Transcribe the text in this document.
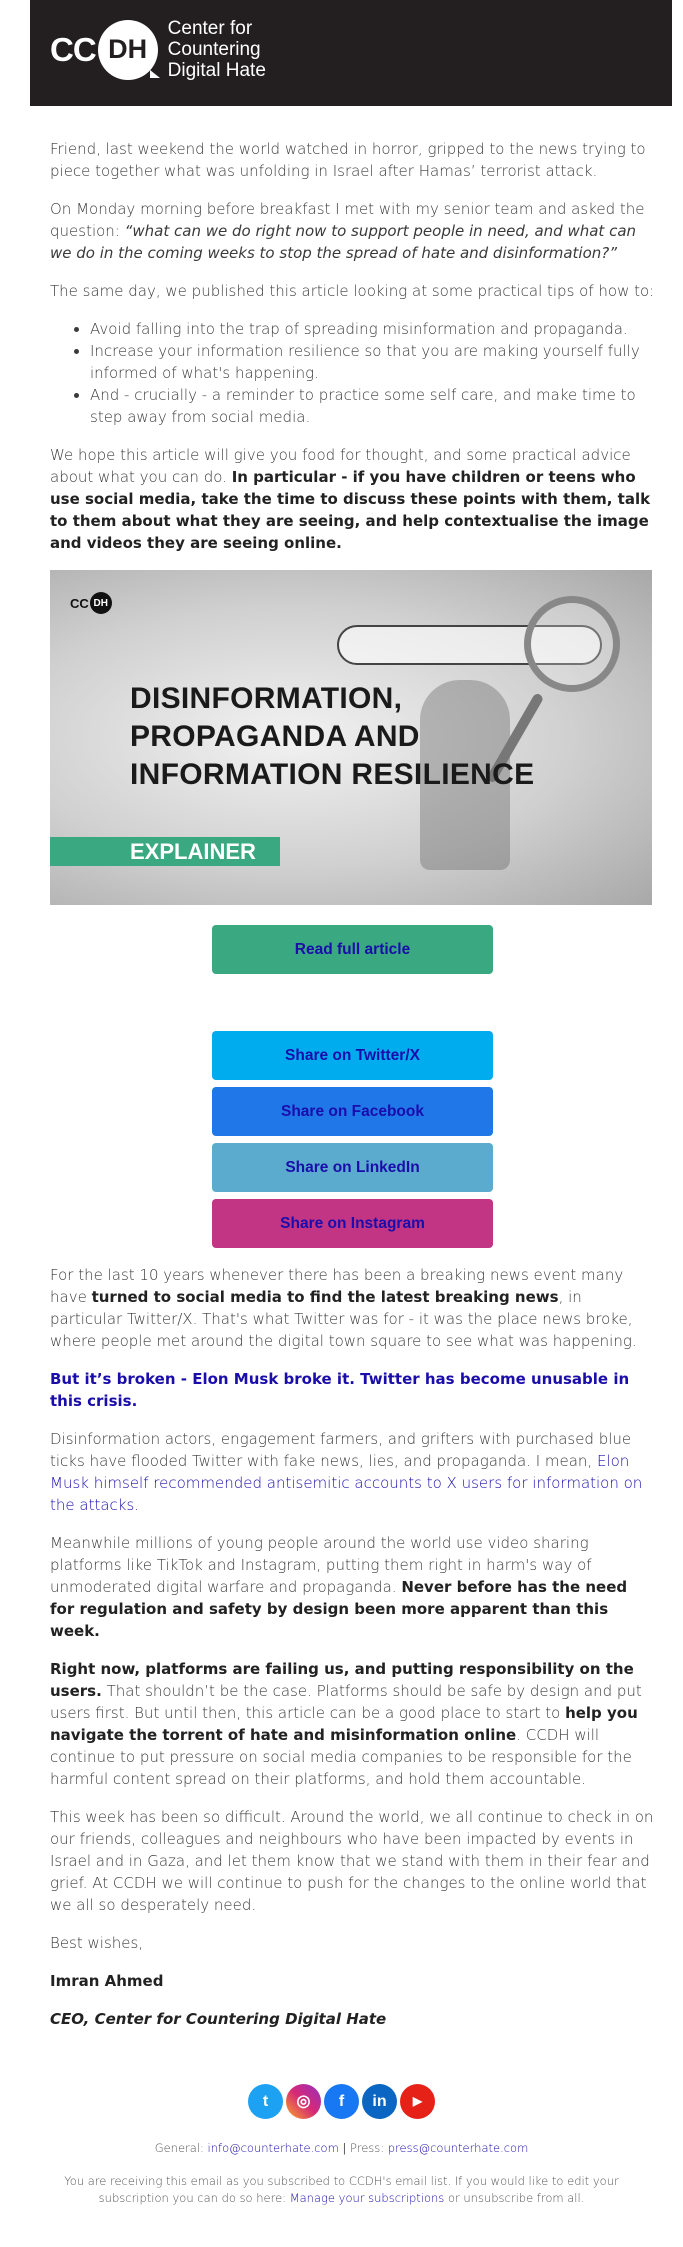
CC DH
Center for
Countering
Digital Hate

Friend, last weekend the world watched in horror, gripped to the news trying to piece together what was unfolding in Israel after Hamas’ terrorist attack.

On Monday morning before breakfast I met with my senior team and asked the question: “what can we do right now to support people in need, and what can we do in the coming weeks to stop the spread of hate and disinformation?”

The same day, we published this article looking at some practical tips of how to:

• Avoid falling into the trap of spreading misinformation and propaganda.
• Increase your information resilience so that you are making yourself fully informed of what's happening.
• And - crucially - a reminder to practice some self care, and make time to step away from social media.

We hope this article will give you food for thought, and some practical advice about what you can do. In particular - if you have children or teens who use social media, take the time to discuss these points with them, talk to them about what they are seeing, and help contextualise the image and videos they are seeing online.

CC DH
DISINFORMATION,
PROPAGANDA AND
INFORMATION RESILIENCE
EXPLAINER
Read full article
Share on Twitter/X
Share on Facebook
Share on LinkedIn
Share on Instagram

For the last 10 years whenever there has been a breaking news event many have turned to social media to find the latest breaking news, in particular Twitter/X. That's what Twitter was for - it was the place news broke, where people met around the digital town square to see what was happening.

But it’s broken - Elon Musk broke it. Twitter has become unusable in this crisis.

Disinformation actors, engagement farmers, and grifters with purchased blue ticks have flooded Twitter with fake news, lies, and propaganda. I mean, Elon Musk himself recommended antisemitic accounts to X users for information on the attacks.

Meanwhile millions of young people around the world use video sharing platforms like TikTok and Instagram, putting them right in harm's way of unmoderated digital warfare and propaganda. Never before has the need for regulation and safety by design been more apparent than this week.

Right now, platforms are failing us, and putting responsibility on the users. That shouldn’t be the case. Platforms should be safe by design and put users first. But until then, this article can be a good place to start to help you navigate the torrent of hate and misinformation online. CCDH will continue to put pressure on social media companies to be responsible for the harmful content spread on their platforms, and hold them accountable.

This week has been so difficult. Around the world, we all continue to check in on our friends, colleagues and neighbours who have been impacted by events in Israel and in Gaza, and let them know that we stand with them in their fear and grief. At CCDH we will continue to push for the changes to the online world that we all so desperately need.

Best wishes,

Imran Ahmed

CEO, Center for Countering Digital Hate

t	◎	f	in	▶
General: info@counterhate.com | Press: press@counterhate.com
You are receiving this email as you subscribed to CCDH's email list. If you would like to edit your subscription you can do so here: Manage your subscriptions or unsubscribe from all.
